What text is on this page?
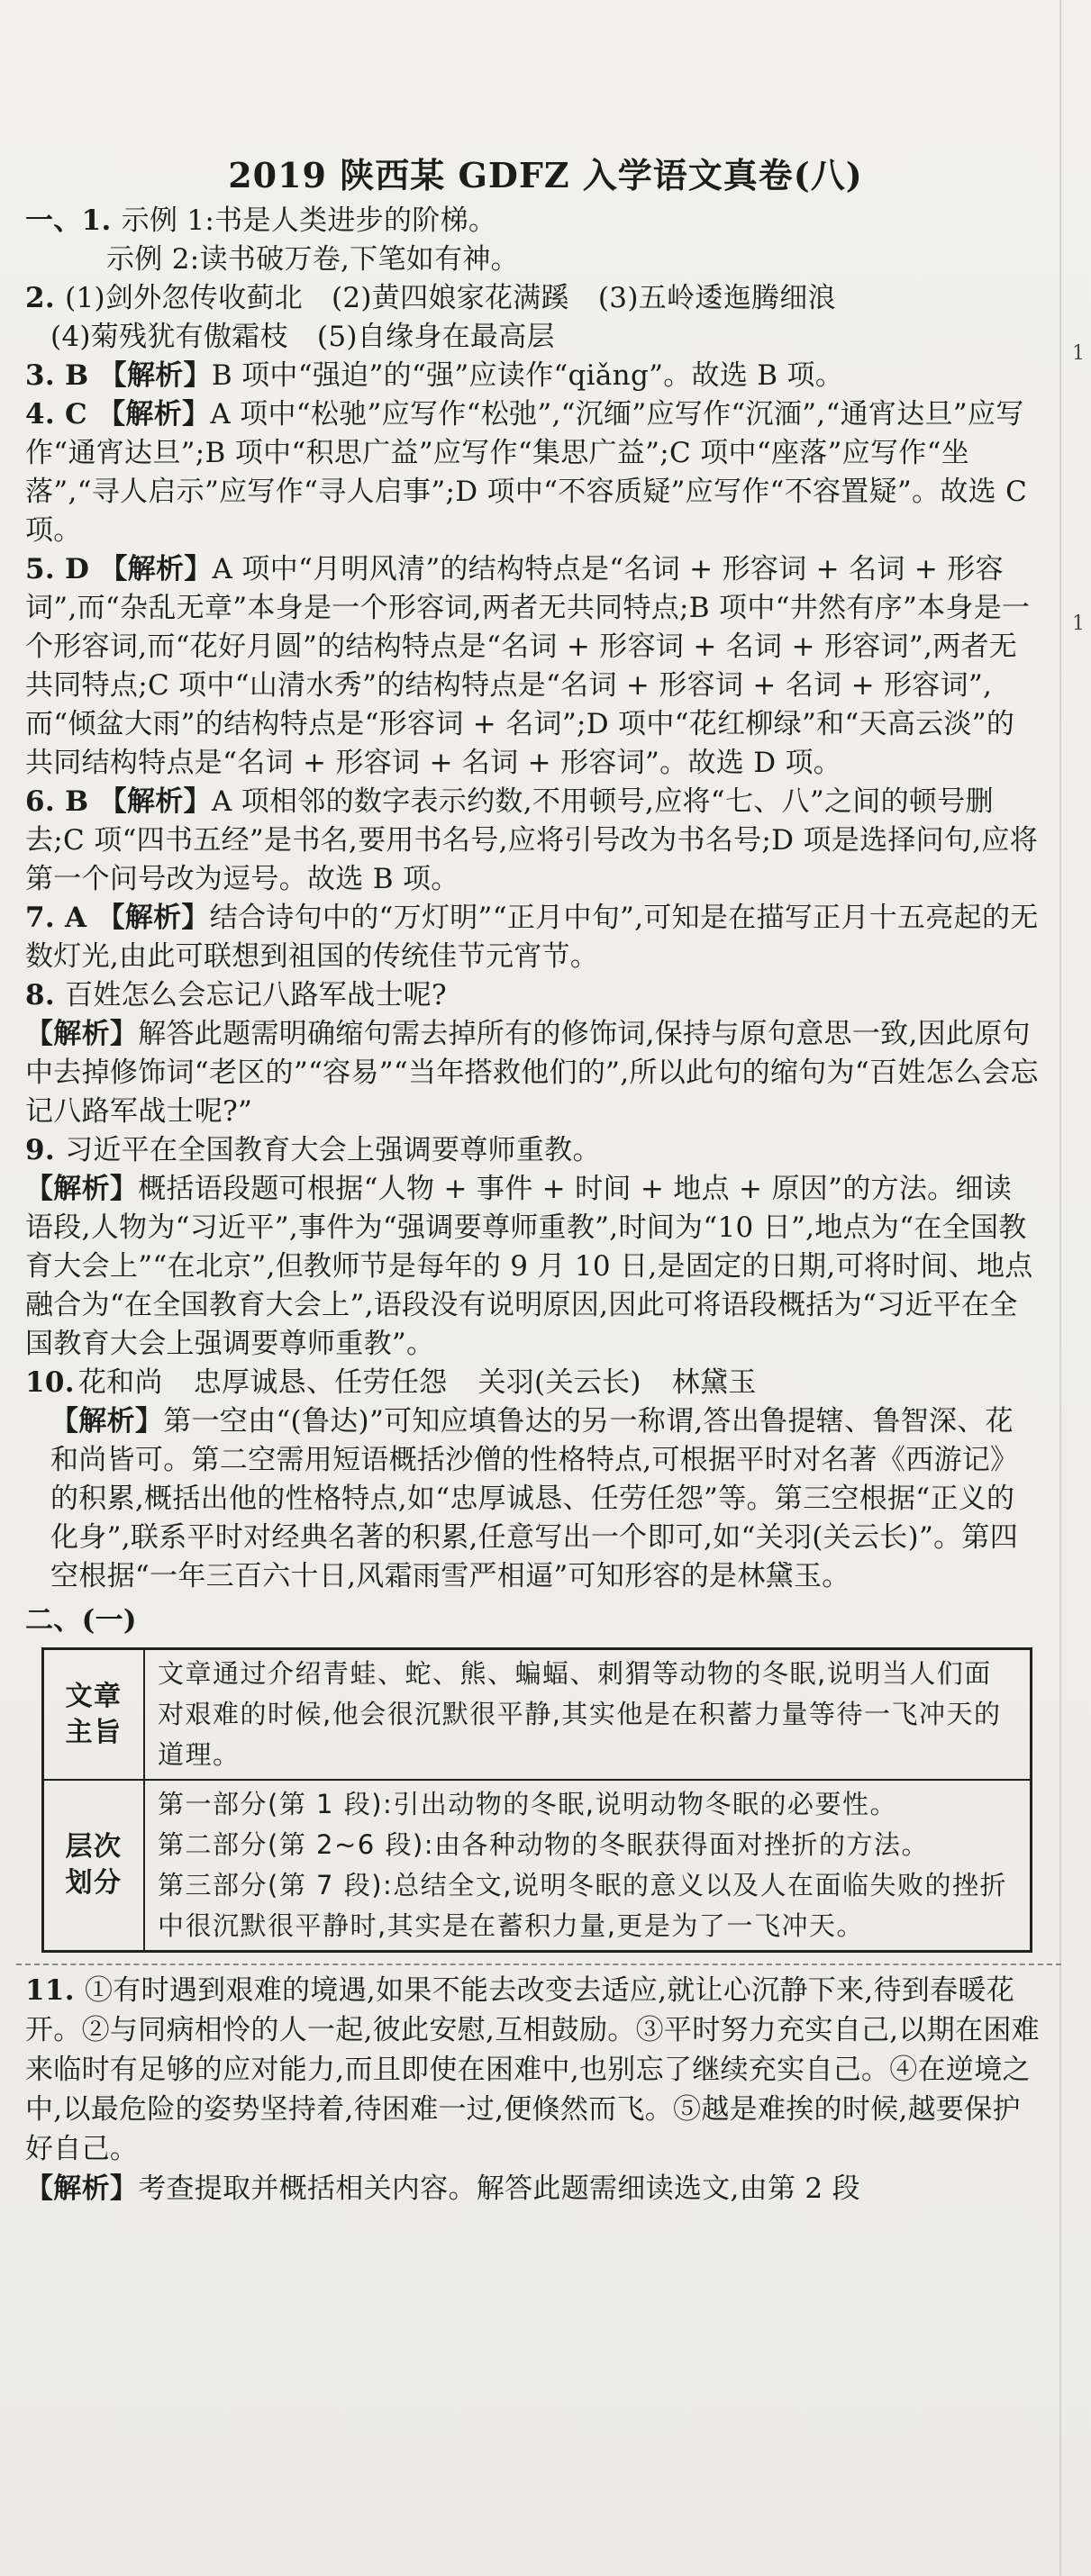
1
1
2019 陕西某 GDFZ 入学语文真卷(八)

一、1. 示例 1:书是人类进步的阶梯。

示例 2:读书破万卷,下笔如有神。

2. (1)剑外忽传收蓟北 (2)黄四娘家花满蹊 (3)五岭逶迤腾细浪

(4)菊残犹有傲霜枝 (5)自缘身在最高层

3. B 【解析】B 项中“强迫”的“强”应读作“qiǎng”。故选 B 项。

4. C 【解析】A 项中“松驰”应写作“松弛”,“沉缅”应写作“沉湎”,“通宵达旦”应写作“通宵达旦”;B 项中“积思广益”应写作“集思广益”;C 项中“座落”应写作“坐落”,“寻人启示”应写作“寻人启事”;D 项中“不容质疑”应写作“不容置疑”。故选 C 项。

5. D 【解析】A 项中“月明风清”的结构特点是“名词 + 形容词 + 名词 + 形容词”,而“杂乱无章”本身是一个形容词,两者无共同特点;B 项中“井然有序”本身是一个形容词,而“花好月圆”的结构特点是“名词 + 形容词 + 名词 + 形容词”,两者无共同特点;C 项中“山清水秀”的结构特点是“名词 + 形容词 + 名词 + 形容词”,而“倾盆大雨”的结构特点是“形容词 + 名词”;D 项中“花红柳绿”和“天高云淡”的共同结构特点是“名词 + 形容词 + 名词 + 形容词”。故选 D 项。

6. B 【解析】A 项相邻的数字表示约数,不用顿号,应将“七、八”之间的顿号删去;C 项“四书五经”是书名,要用书名号,应将引号改为书名号;D 项是选择问句,应将第一个问号改为逗号。故选 B 项。

7. A 【解析】结合诗句中的“万灯明”“正月中旬”,可知是在描写正月十五亮起的无数灯光,由此可联想到祖国的传统佳节元宵节。

8. 百姓怎么会忘记八路军战士呢?

【解析】解答此题需明确缩句需去掉所有的修饰词,保持与原句意思一致,因此原句中去掉修饰词“老区的”“容易”“当年搭救他们的”,所以此句的缩句为“百姓怎么会忘记八路军战士呢?”

9. 习近平在全国教育大会上强调要尊师重教。

【解析】概括语段题可根据“人物 + 事件 + 时间 + 地点 + 原因”的方法。细读语段,人物为“习近平”,事件为“强调要尊师重教”,时间为“10 日”,地点为“在全国教育大会上”“在北京”,但教师节是每年的 9 月 10 日,是固定的日期,可将时间、地点融合为“在全国教育大会上”,语段没有说明原因,因此可将语段概括为“习近平在全国教育大会上强调要尊师重教”。

10.花和尚 忠厚诚恳、任劳任怨 关羽(关云长) 林黛玉

【解析】第一空由“(鲁达)”可知应填鲁达的另一称谓,答出鲁提辖、鲁智深、花和尚皆可。第二空需用短语概括沙僧的性格特点,可根据平时对名著《西游记》的积累,概括出他的性格特点,如“忠厚诚恳、任劳任怨”等。第三空根据“正义的化身”,联系平时对经典名著的积累,任意写出一个即可,如“关羽(关云长)”。第四空根据“一年三百六十日,风霜雨雪严相逼”可知形容的是林黛玉。

二、(一)

文章主旨	文章通过介绍青蛙、蛇、熊、蝙蝠、刺猬等动物的冬眠,说明当人们面对艰难的时候,他会很沉默很平静,其实他是在积蓄力量等待一飞冲天的道理。
层次划分	第一部分(第 1 段):引出动物的冬眠,说明动物冬眠的必要性。
第二部分(第 2~6 段):由各种动物的冬眠获得面对挫折的方法。
第三部分(第 7 段):总结全文,说明冬眠的意义以及人在面临失败的挫折中很沉默很平静时,其实是在蓄积力量,更是为了一飞冲天。

11. ①有时遇到艰难的境遇,如果不能去改变去适应,就让心沉静下来,待到春暖花开。②与同病相怜的人一起,彼此安慰,互相鼓励。③平时努力充实自己,以期在困难来临时有足够的应对能力,而且即使在困难中,也别忘了继续充实自己。④在逆境之中,以最危险的姿势坚持着,待困难一过,便倏然而飞。⑤越是难挨的时候,越要保护好自己。

【解析】考查提取并概括相关内容。解答此题需细读选文,由第 2 段
